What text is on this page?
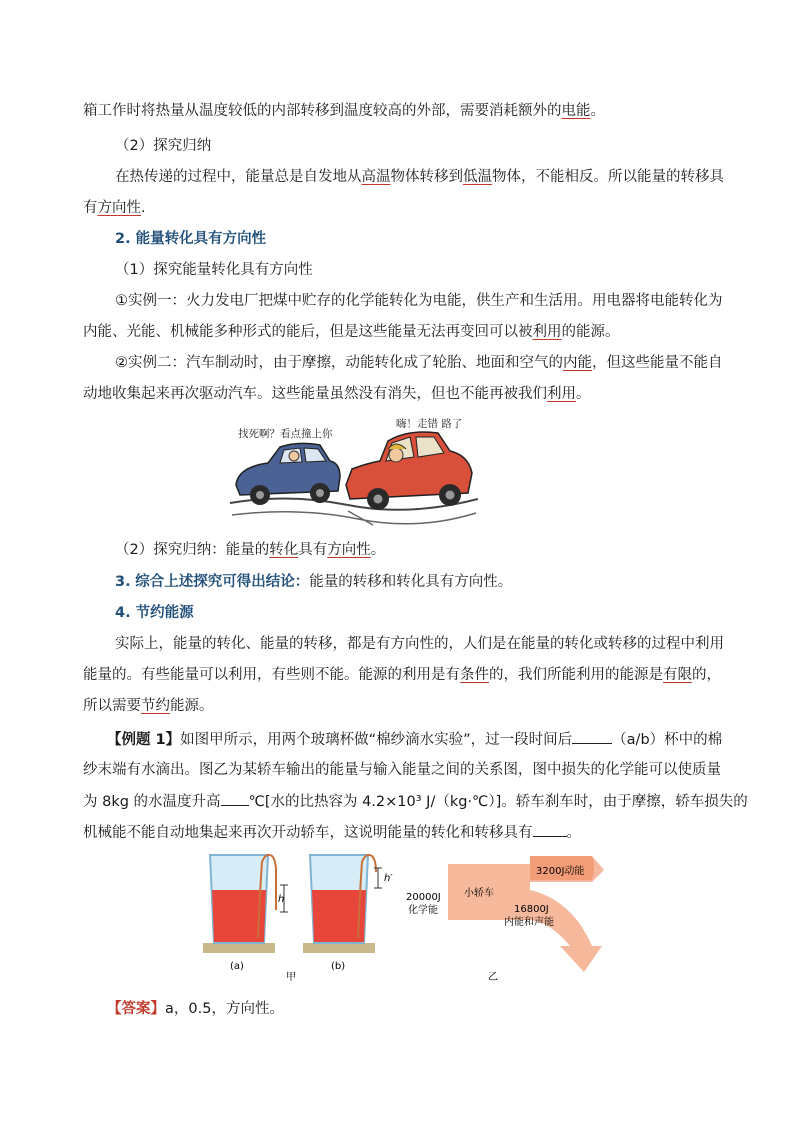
箱工作时将热量从温度较低的内部转移到温度较高的外部，需要消耗额外的电能。
（2）探究归纳
在热传递的过程中，能量总是自发地从高温物体转移到低温物体，不能相反。所以能量的转移具
有方向性.
2. 能量转化具有方向性
（1）探究能量转化具有方向性
①实例一：火力发电厂把煤中贮存的化学能转化为电能，供生产和生活用。用电器将电能转化为
内能、光能、机械能多种形式的能后，但是这些能量无法再变回可以被利用的能源。
②实例二：汽车制动时，由于摩擦，动能转化成了轮胎、地面和空气的内能，但这些能量不能自
动地收集起来再次驱动汽车。这些能量虽然没有消失，但也不能再被我们利用。
找死啊？看点撞上你
嗨！走错 路了
（2）探究归纳：能量的转化具有方向性。
3. 综合上述探究可得出结论：能量的转移和转化具有方向性。
4. 节约能源
实际上，能量的转化、能量的转移，都是有方向性的，人们是在能量的转化或转移的过程中利用
能量的。有些能量可以利用，有些则不能。能源的利用是有条件的，我们所能利用的能源是有限的，
所以需要节约能源。
【例题 1】如图甲所示，用两个玻璃杯做“棉纱滴水实验”，过一段时间后	（a/b）杯中的棉
纱末端有水滴出。图乙为某轿车输出的能量与输入能量之间的关系图，图中损失的化学能可以使质量
为 8kg 的水温度升高 ℃[水的比热容为 4.2×10³ J/（kg·℃）]。轿车刹车时，由于摩擦，轿车损失的
机械能不能自动地集起来再次开动轿车，这说明能量的转化和转移具有 。
h
(a)
h′
(b)
甲
3200J动能
小轿车
20000J
化学能	16800J
内能和声能
乙
【答案】a，0.5，方向性。
